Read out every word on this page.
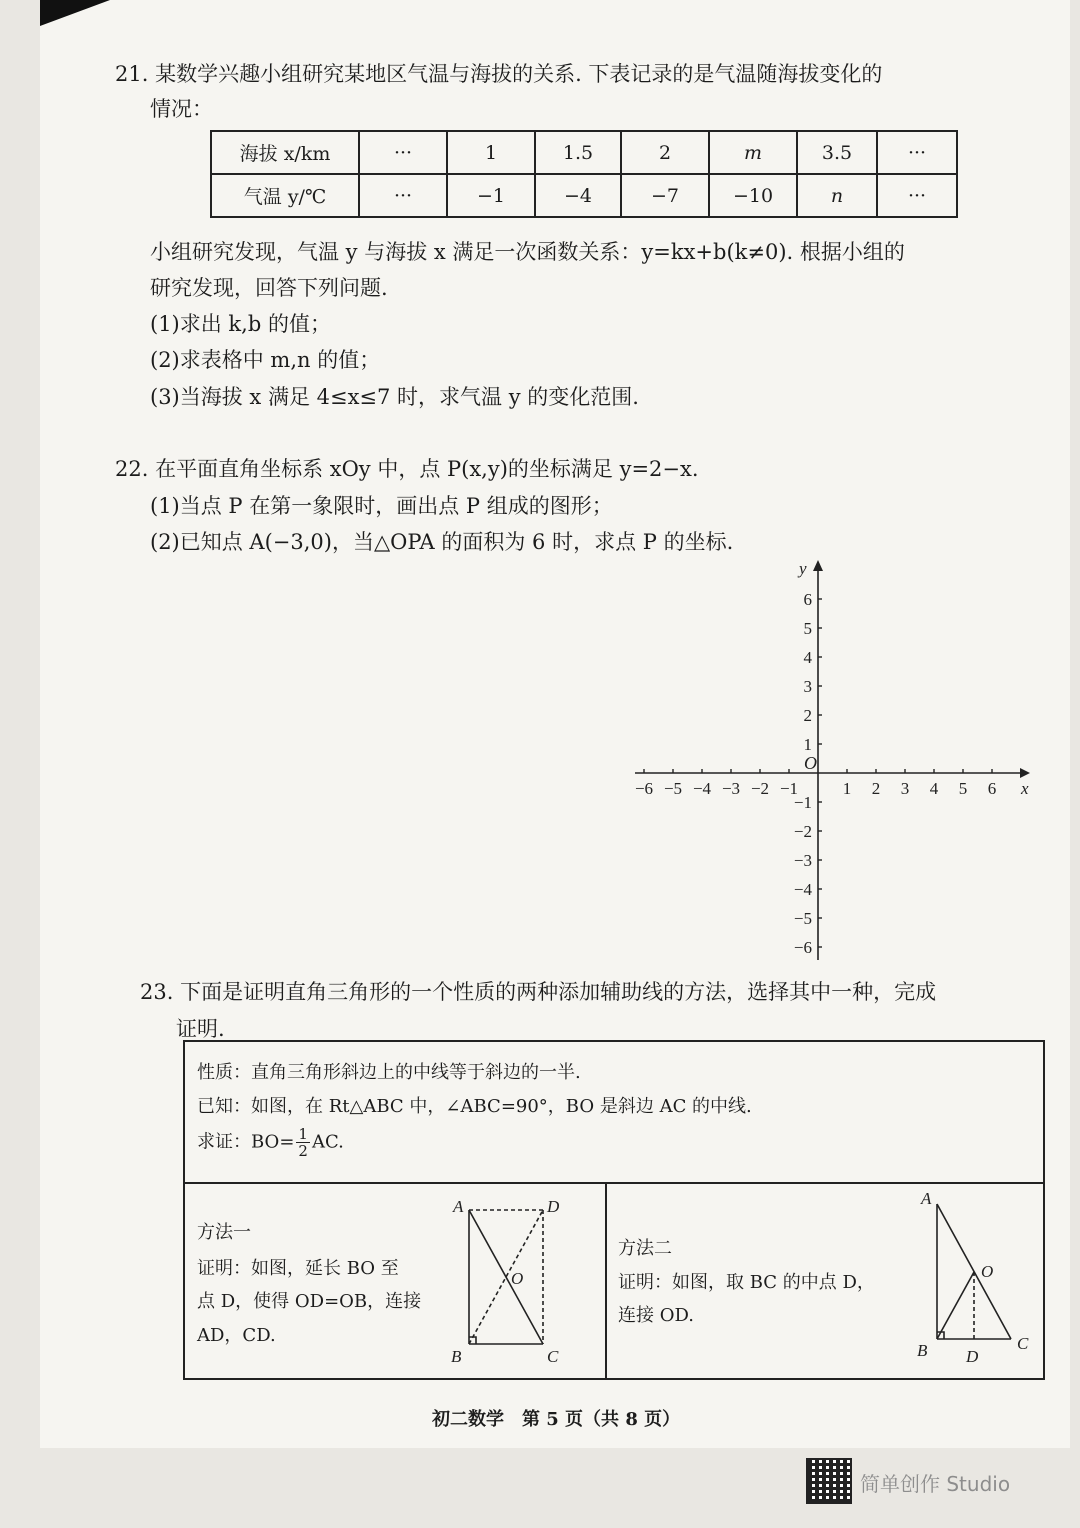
21. 某数学兴趣小组研究某地区气温与海拔的关系. 下表记录的是气温随海拔变化的
情况：
海拔 x/km	···	1	1.5	2	m	3.5	···
气温 y/℃	···	−1	−4	−7	−10	n	···
小组研究发现，气温 y 与海拔 x 满足一次函数关系：y=kx+b(k≠0). 根据小组的
研究发现，回答下列问题.
(1)求出 k,b 的值；
(2)求表格中 m,n 的值；
(3)当海拔 x 满足 4≤x≤7 时，求气温 y 的变化范围.
22. 在平面直角坐标系 xOy 中，点 P(x,y)的坐标满足 y=2−x.
(1)当点 P 在第一象限时，画出点 P 组成的图形；
(2)已知点 A(−3,0)，当△OPA 的面积为 6 时，求点 P 的坐标.
−6 −5 −4 −3 −2 −1	1 2 3 4 5 6
6
5
4
3
2
1
−1
−2
−3
−4
−5
−6
O
x
y
23. 下面是证明直角三角形的一个性质的两种添加辅助线的方法，选择其中一种，完成
证明.
性质：直角三角形斜边上的中线等于斜边的一半.
已知：如图，在 Rt△ABC 中，∠ABC=90°，BO 是斜边 AC 的中线.
求证：$BO= \frac{1}{2}$ AC.
方法一
证明：如图，延长 BO 至
点 D，使得 OD=OB，连接
AD，CD.
A	D
O
B	C
方法二
证明：如图，取 BC 的中点 D，
连接 OD.
A
O
B D
C
初二数学　第 5 页（共 8 页）
简单创作 Studio
